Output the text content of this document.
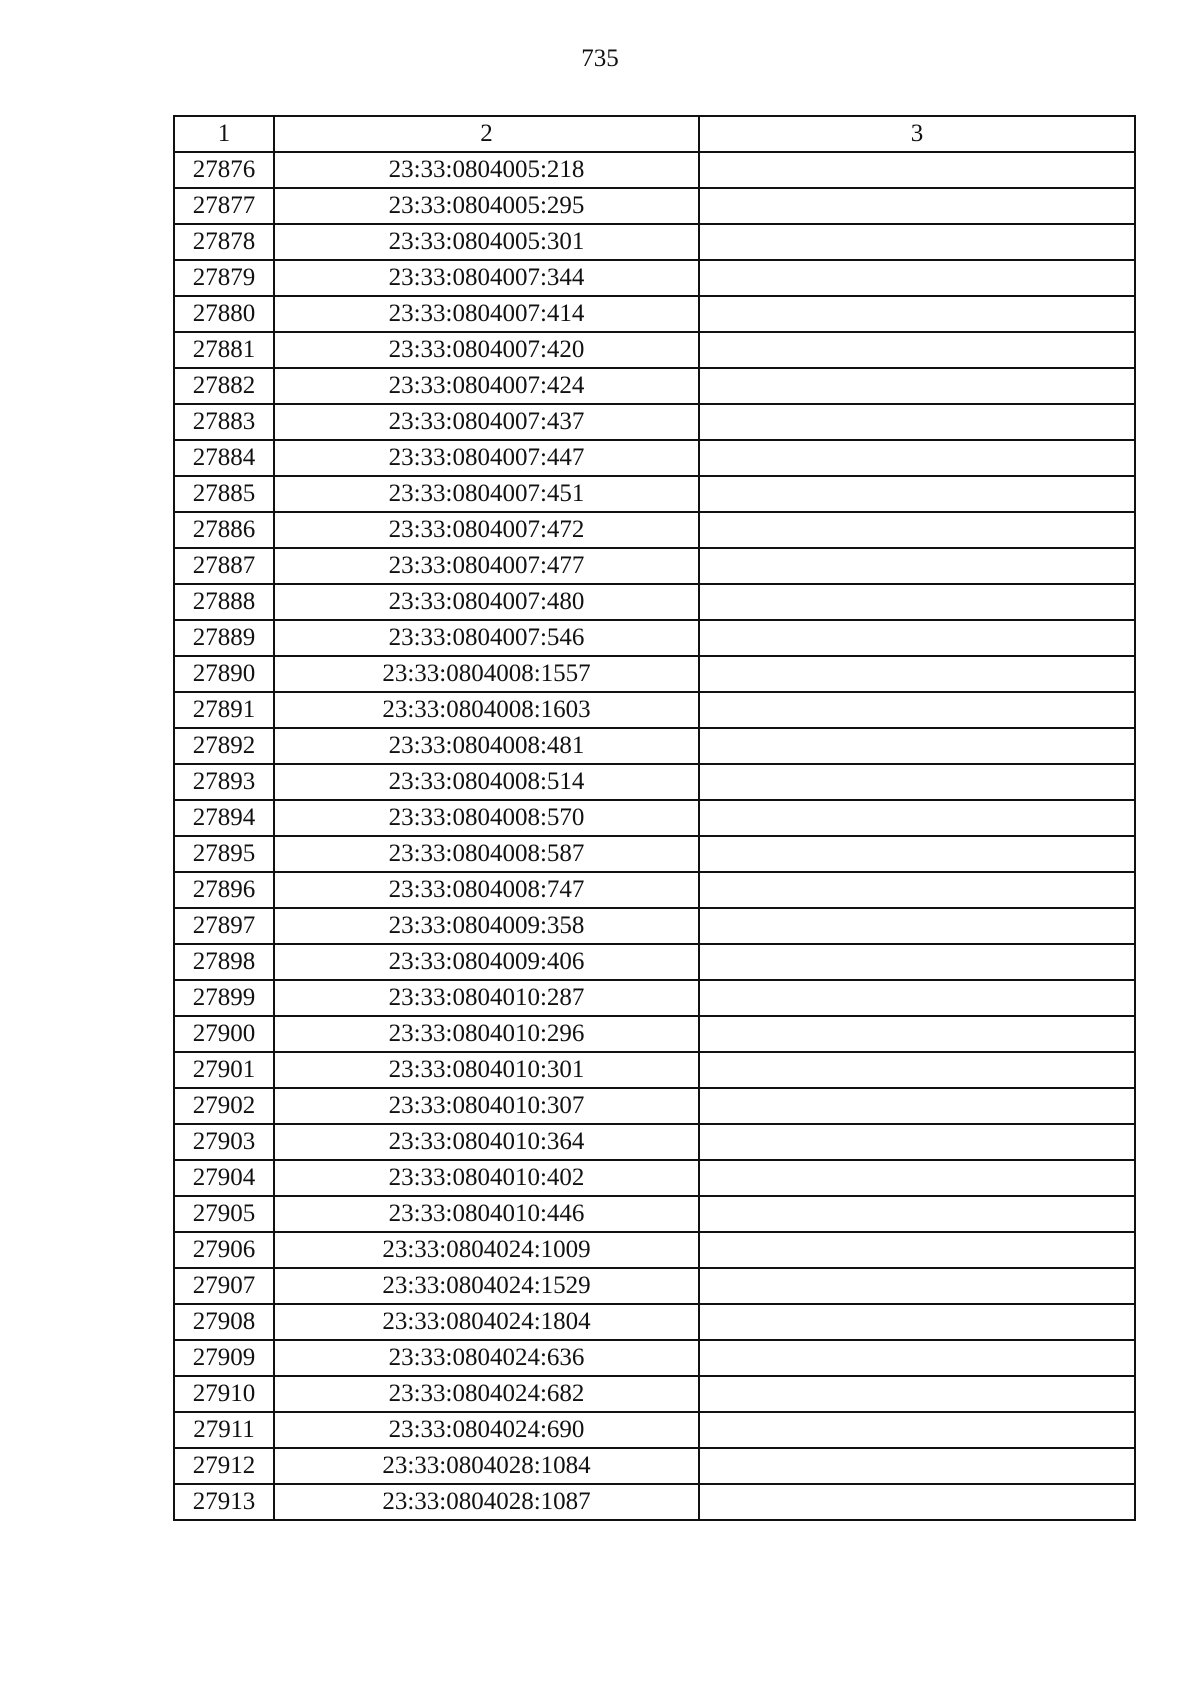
735
1	2	3
27876	23:33:0804005:218	
27877	23:33:0804005:295	
27878	23:33:0804005:301	
27879	23:33:0804007:344	
27880	23:33:0804007:414	
27881	23:33:0804007:420	
27882	23:33:0804007:424	
27883	23:33:0804007:437	
27884	23:33:0804007:447	
27885	23:33:0804007:451	
27886	23:33:0804007:472	
27887	23:33:0804007:477	
27888	23:33:0804007:480	
27889	23:33:0804007:546	
27890	23:33:0804008:1557	
27891	23:33:0804008:1603	
27892	23:33:0804008:481	
27893	23:33:0804008:514	
27894	23:33:0804008:570	
27895	23:33:0804008:587	
27896	23:33:0804008:747	
27897	23:33:0804009:358	
27898	23:33:0804009:406	
27899	23:33:0804010:287	
27900	23:33:0804010:296	
27901	23:33:0804010:301	
27902	23:33:0804010:307	
27903	23:33:0804010:364	
27904	23:33:0804010:402	
27905	23:33:0804010:446	
27906	23:33:0804024:1009	
27907	23:33:0804024:1529	
27908	23:33:0804024:1804	
27909	23:33:0804024:636	
27910	23:33:0804024:682	
27911	23:33:0804024:690	
27912	23:33:0804028:1084	
27913	23:33:0804028:1087	
